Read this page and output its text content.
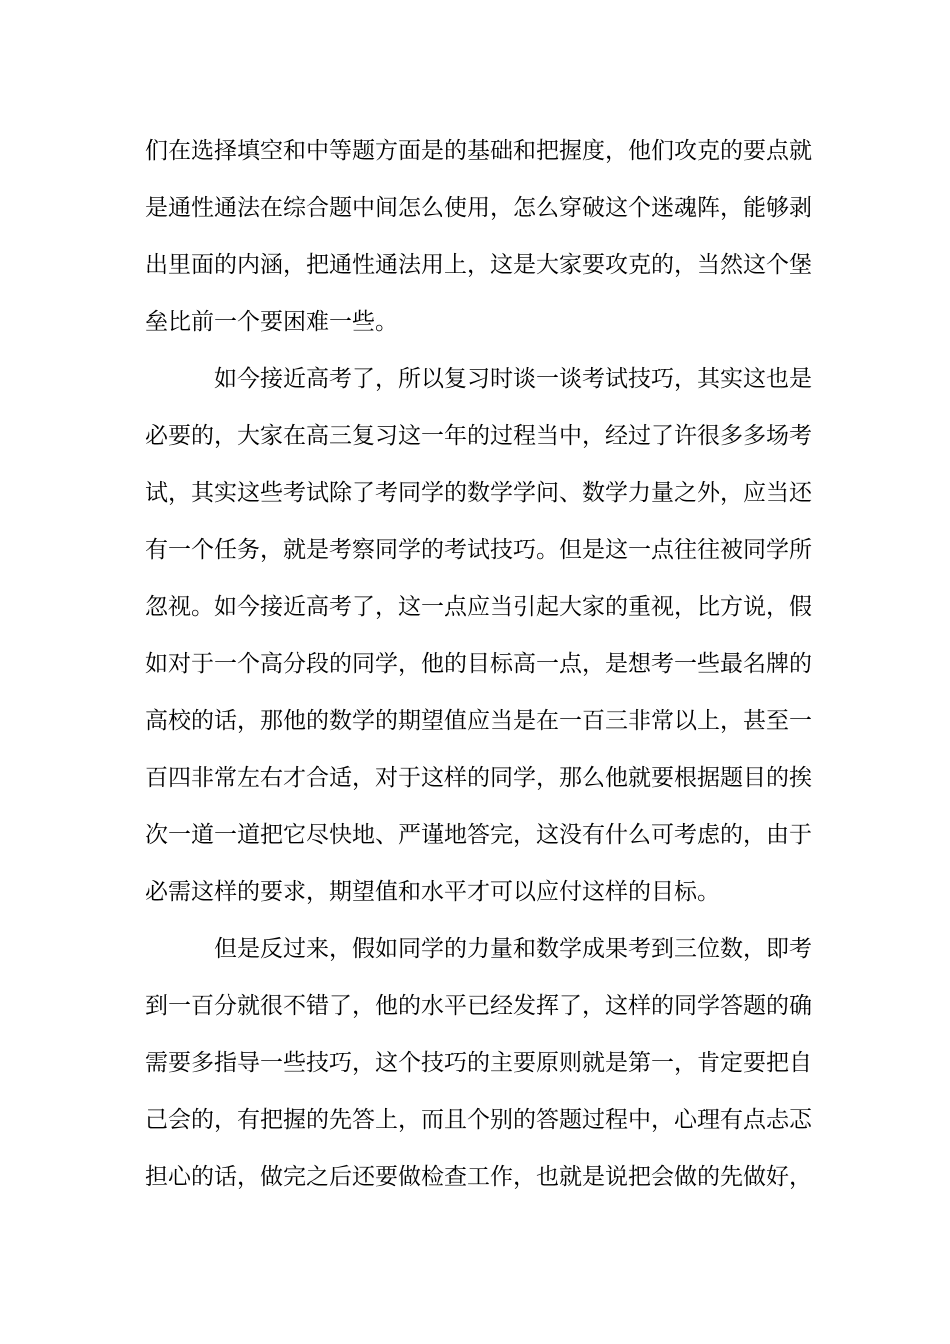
们在选择填空和中等题方面是的基础和把握度，他们攻克的要点就
是通性通法在综合题中间怎么使用，怎么穿破这个迷魂阵，能够剥
出里面的内涵，把通性通法用上，这是大家要攻克的，当然这个堡
垒比前一个要困难一些。
如今接近高考了，所以复习时谈一谈考试技巧，其实这也是
必要的，大家在高三复习这一年的过程当中，经过了许很多多场考
试，其实这些考试除了考同学的数学学问、数学力量之外，应当还
有一个任务，就是考察同学的考试技巧。但是这一点往往被同学所
忽视。如今接近高考了，这一点应当引起大家的重视，比方说，假
如对于一个高分段的同学，他的目标高一点，是想考一些最名牌的
高校的话，那他的数学的期望值应当是在一百三非常以上，甚至一
百四非常左右才合适，对于这样的同学，那么他就要根据题目的挨
次一道一道把它尽快地、严谨地答完，这没有什么可考虑的，由于
必需这样的要求，期望值和水平才可以应付这样的目标。
但是反过来，假如同学的力量和数学成果考到三位数，即考
到一百分就很不错了，他的水平已经发挥了，这样的同学答题的确
需要多指导一些技巧，这个技巧的主要原则就是第一，肯定要把自
己会的，有把握的先答上，而且个别的答题过程中，心理有点忐忑
担心的话，做完之后还要做检查工作，也就是说把会做的先做好，
